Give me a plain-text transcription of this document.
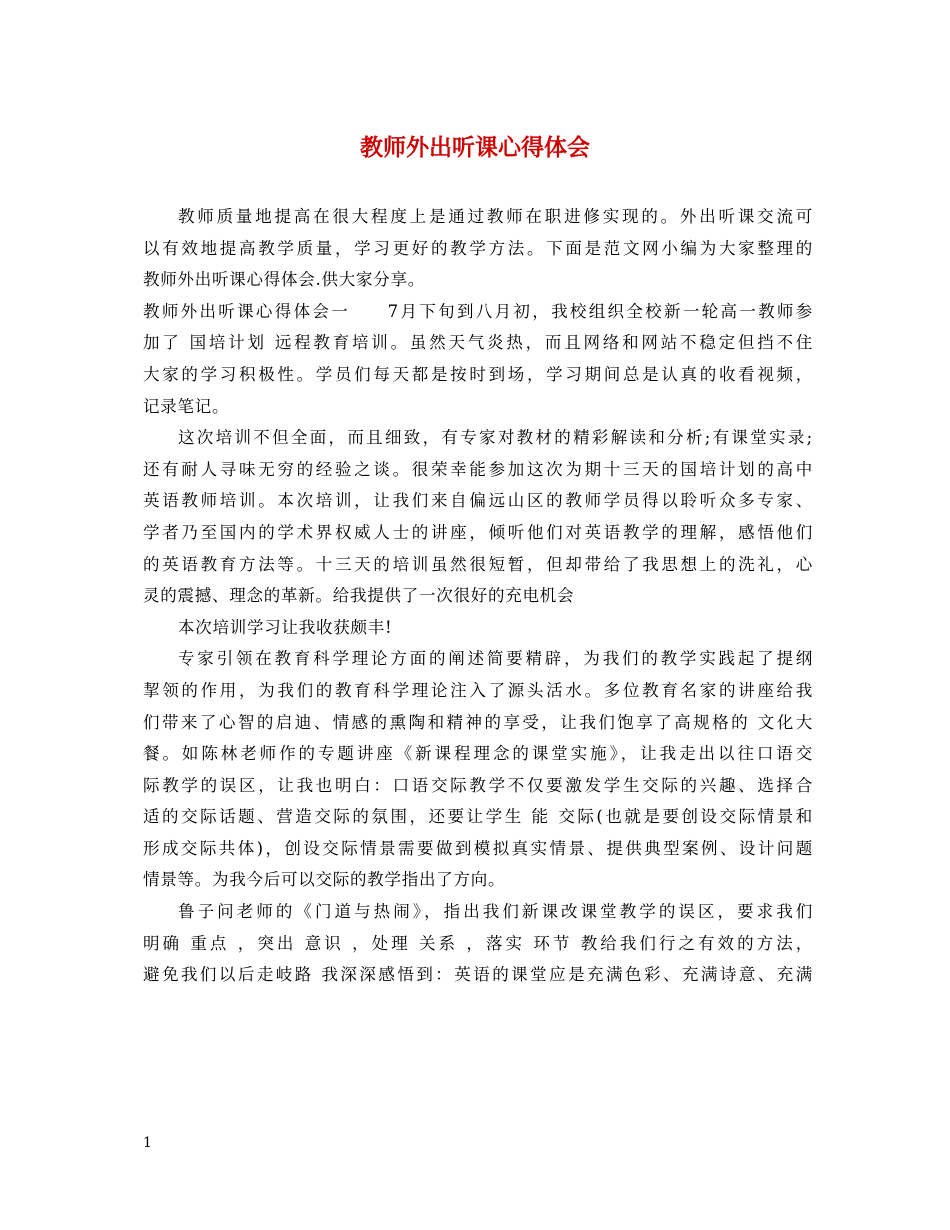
教师外出听课心得体会
教师质量地提高在很大程度上是通过教师在职进修实现的。外出听课交流可
以有效地提高教学质量，学习更好的教学方法。下面是范文网小编为大家整理的
教师外出听课心得体会.供大家分享。
教师外出听课心得体会一　　7月下旬到八月初，我校组织全校新一轮高一教师参
加了 国培计划 远程教育培训。虽然天气炎热，而且网络和网站不稳定但挡不住
大家的学习积极性。学员们每天都是按时到场，学习期间总是认真的收看视频，
记录笔记。
这次培训不但全面，而且细致，有专家对教材的精彩解读和分析;有课堂实录;
还有耐人寻味无穷的经验之谈。很荣幸能参加这次为期十三天的国培计划的高中
英语教师培训。本次培训，让我们来自偏远山区的教师学员得以聆听众多专家、
学者乃至国内的学术界权威人士的讲座，倾听他们对英语教学的理解，感悟他们
的英语教育方法等。十三天的培训虽然很短暂，但却带给了我思想上的洗礼，心
灵的震撼、理念的革新。给我提供了一次很好的充电机会
本次培训学习让我收获颇丰!
专家引领在教育科学理论方面的阐述简要精辟，为我们的教学实践起了提纲
挈领的作用，为我们的教育科学理论注入了源头活水。多位教育名家的讲座给我
们带来了心智的启迪、情感的熏陶和精神的享受，让我们饱享了高规格的 文化大
餐。如陈林老师作的专题讲座《新课程理念的课堂实施》，让我走出以往口语交
际教学的误区，让我也明白：口语交际教学不仅要激发学生交际的兴趣、选择合
适的交际话题、营造交际的氛围，还要让学生 能 交际(也就是要创设交际情景和
形成交际共体)，创设交际情景需要做到模拟真实情景、提供典型案例、设计问题
情景等。为我今后可以交际的教学指出了方向。
鲁子问老师的《门道与热闹》，指出我们新课改课堂教学的误区，要求我们
明确 重点 ，突出 意识 ，处理 关系 ，落实 环节 教给我们行之有效的方法，
避免我们以后走岐路 我深深感悟到：英语的课堂应是充满色彩、充满诗意、充满

1
